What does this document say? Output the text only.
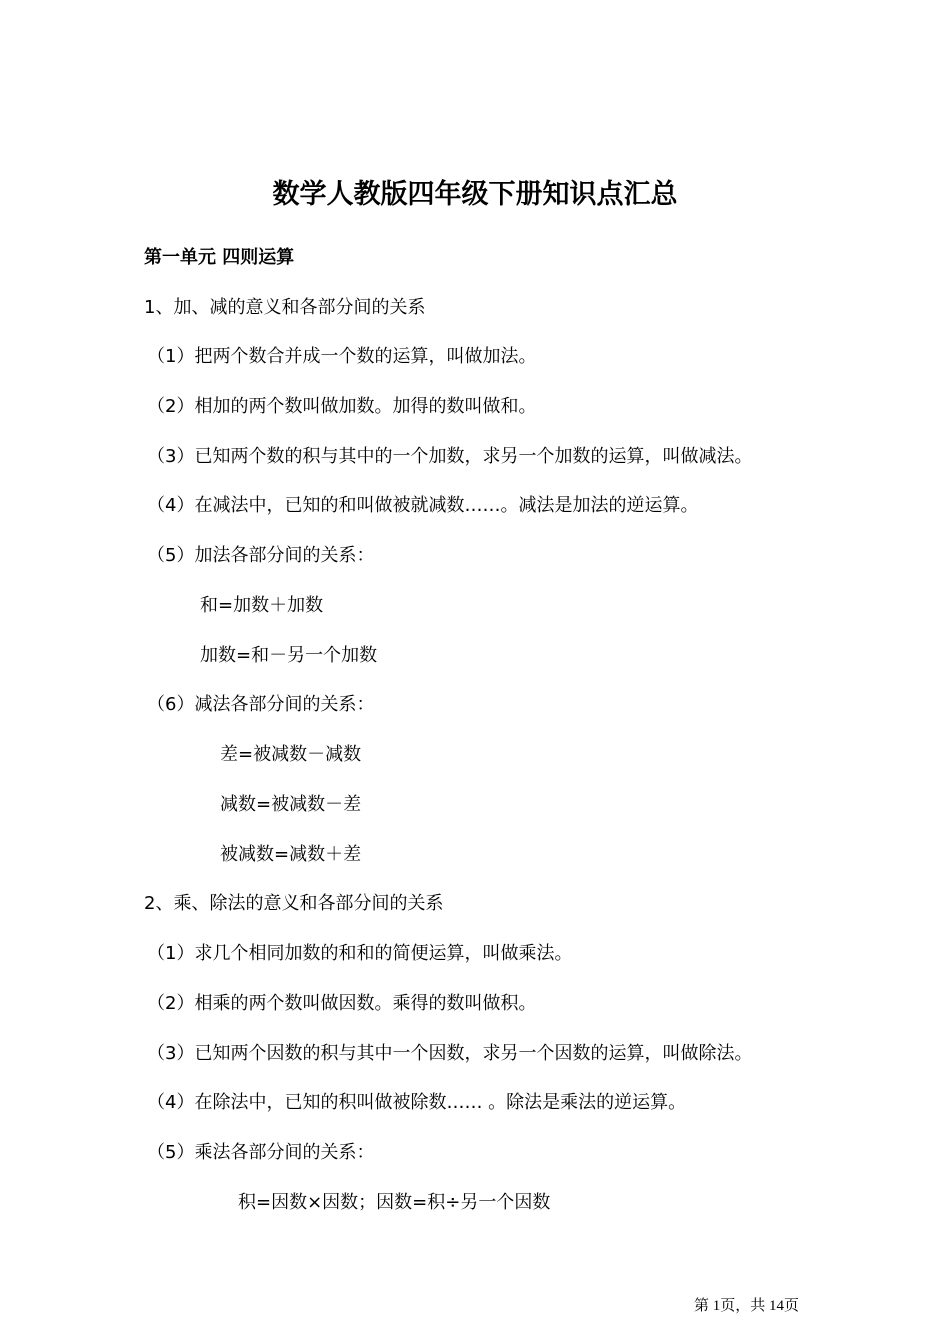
数学人教版四年级下册知识点汇总
第一单元 四则运算
1、加、减的意义和各部分间的关系
（1）把两个数合并成一个数的运算，叫做加法。
（2）相加的两个数叫做加数。加得的数叫做和。
（3）已知两个数的积与其中的一个加数，求另一个加数的运算，叫做减法。
（4）在减法中，已知的和叫做被就减数……。减法是加法的逆运算。
（5）加法各部分间的关系：
和=加数＋加数
加数=和－另一个加数
（6）减法各部分间的关系：
差=被减数－减数
减数=被减数－差
被减数=减数＋差
2、乘、除法的意义和各部分间的关系
（1）求几个相同加数的和和的简便运算，叫做乘法。
（2）相乘的两个数叫做因数。乘得的数叫做积。
（3）已知两个因数的积与其中一个因数，求另一个因数的运算，叫做除法。
（4）在除法中，已知的积叫做被除数…… 。除法是乘法的逆运算。
（5）乘法各部分间的关系：
积=因数×因数；因数=积÷另一个因数
第 1页，共 14页
